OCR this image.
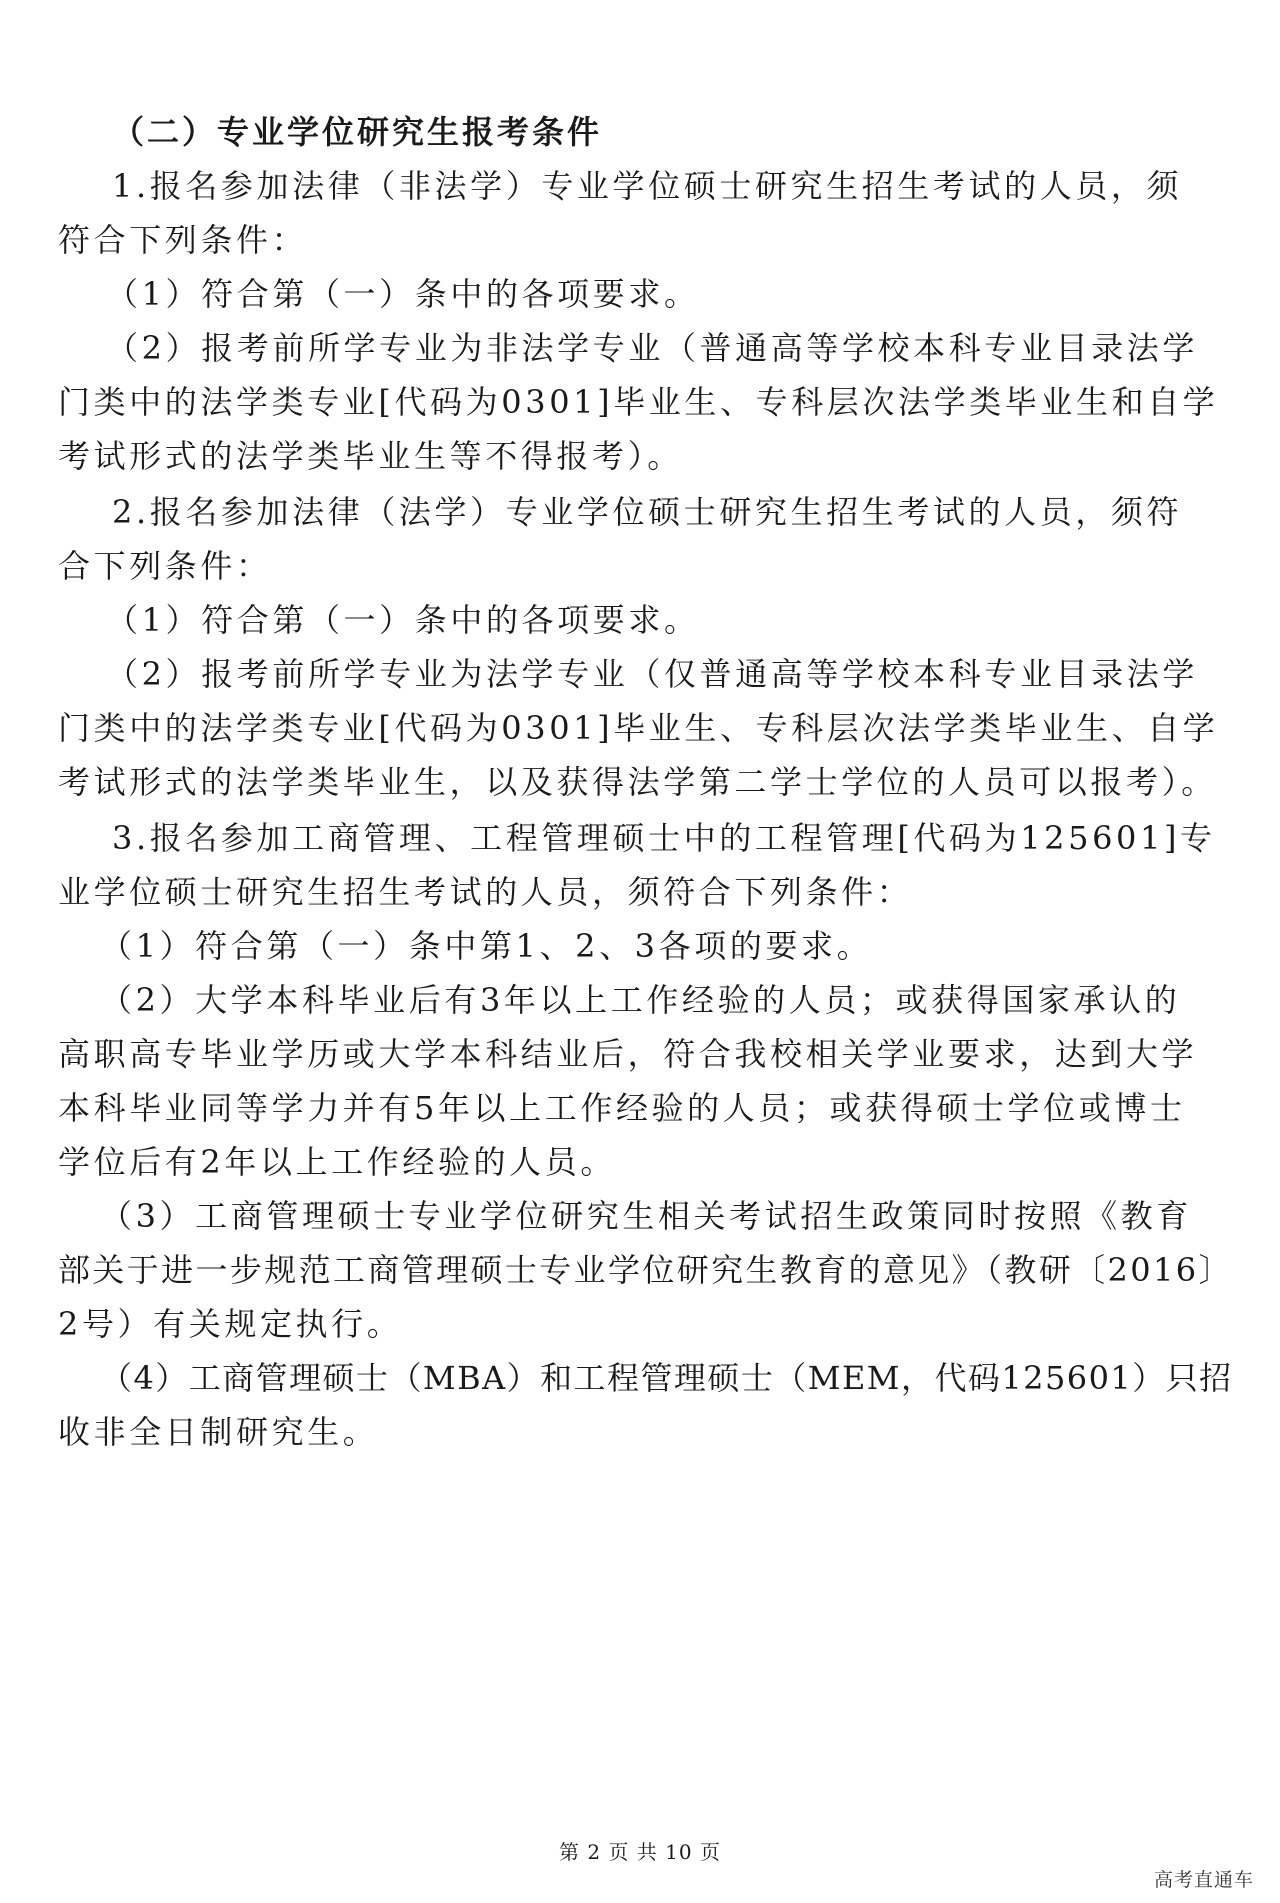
（二）专业学位研究生报考条件
1.报名参加法律（非法学）专业学位硕士研究生招生考试的人员，须
符合下列条件：
（1）符合第（一）条中的各项要求。
（2）报考前所学专业为非法学专业（普通高等学校本科专业目录法学
门类中的法学类专业[代码为0301]毕业生、专科层次法学类毕业生和自学
考试形式的法学类毕业生等不得报考）。
2.报名参加法律（法学）专业学位硕士研究生招生考试的人员，须符
合下列条件：
（1）符合第（一）条中的各项要求。
（2）报考前所学专业为法学专业（仅普通高等学校本科专业目录法学
门类中的法学类专业[代码为0301]毕业生、专科层次法学类毕业生、自学
考试形式的法学类毕业生，以及获得法学第二学士学位的人员可以报考）。
3.报名参加工商管理、工程管理硕士中的工程管理[代码为125601]专
业学位硕士研究生招生考试的人员，须符合下列条件：
（1）符合第（一）条中第1、2、3各项的要求。
（2）大学本科毕业后有3年以上工作经验的人员；或获得国家承认的
高职高专毕业学历或大学本科结业后，符合我校相关学业要求，达到大学
本科毕业同等学力并有5年以上工作经验的人员；或获得硕士学位或博士
学位后有2年以上工作经验的人员。
（3）工商管理硕士专业学位研究生相关考试招生政策同时按照《教育
部关于进一步规范工商管理硕士专业学位研究生教育的意见》（教研〔2016〕
2号）有关规定执行。
（4）工商管理硕士（MBA）和工程管理硕士（MEM，代码125601）只招
收非全日制研究生。
第 2 页 共 10 页
高考直通车
